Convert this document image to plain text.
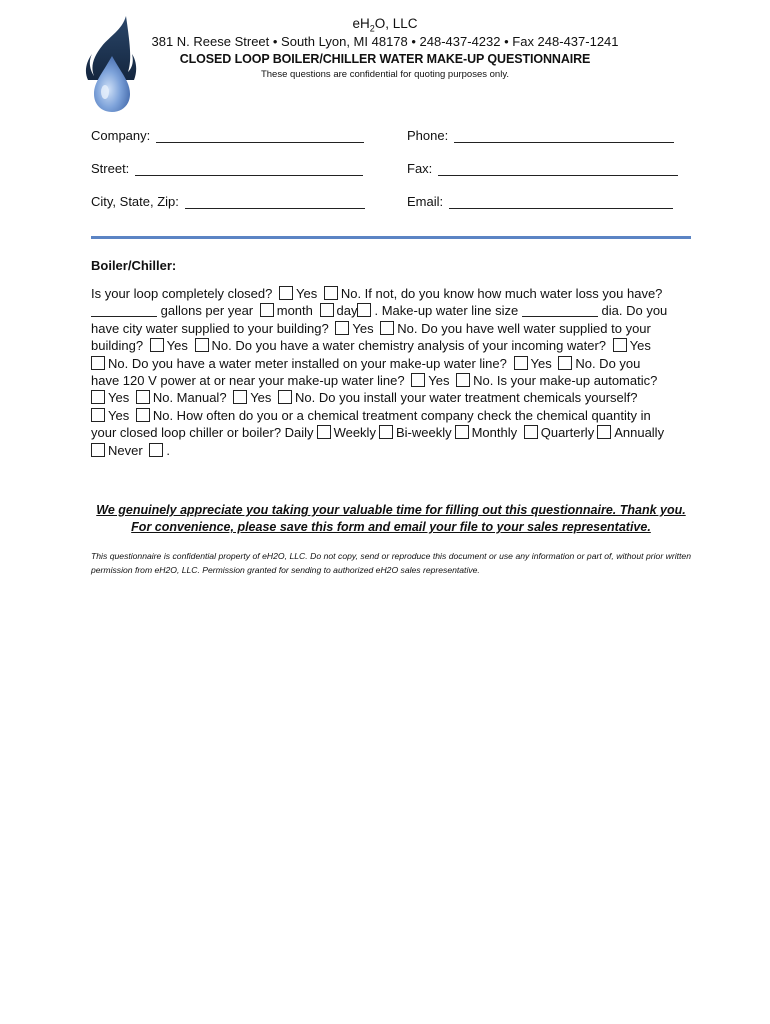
$eH_2O$, LLC
381 N. Reese Street • South Lyon, MI 48178 • 248-437-4232 • Fax 248-437-1241
CLOSED LOOP BOILER/CHILLER WATER MAKE-UP QUESTIONNAIRE
These questions are confidential for quoting purposes only.
Company:	Phone:
Street:	Fax:
City, State, Zip:	Email:
Boiler/Chiller:
Is your loop completely closed? Yes No. If not, do you know how much water loss you have?
gallons per year month day . Make-up water line size	dia. Do you
have city water supplied to your building? Yes No. Do you have well water supplied to your
building? Yes No. Do you have a water chemistry analysis of your incoming water? Yes
No. Do you have a water meter installed on your make-up water line? Yes No. Do you
have 120 V power at or near your make-up water line? Yes No. Is your make-up automatic?
Yes No. Manual? Yes No. Do you install your water treatment chemicals yourself?
Yes No. How often do you or a chemical treatment company check the chemical quantity in
your closed loop chiller or boiler? Daily Weekly Bi-weekly Monthly Quarterly Annually
Never .
We genuinely appreciate you taking your valuable time for filling out this questionnaire. Thank you.
For convenience, please save this form and email your file to your sales representative.
This questionnaire is confidential property of eH2O, LLC. Do not copy, send or reproduce this document or use any information or part of, without prior written permission from eH2O, LLC. Permission granted for sending to authorized eH2O sales representative.
